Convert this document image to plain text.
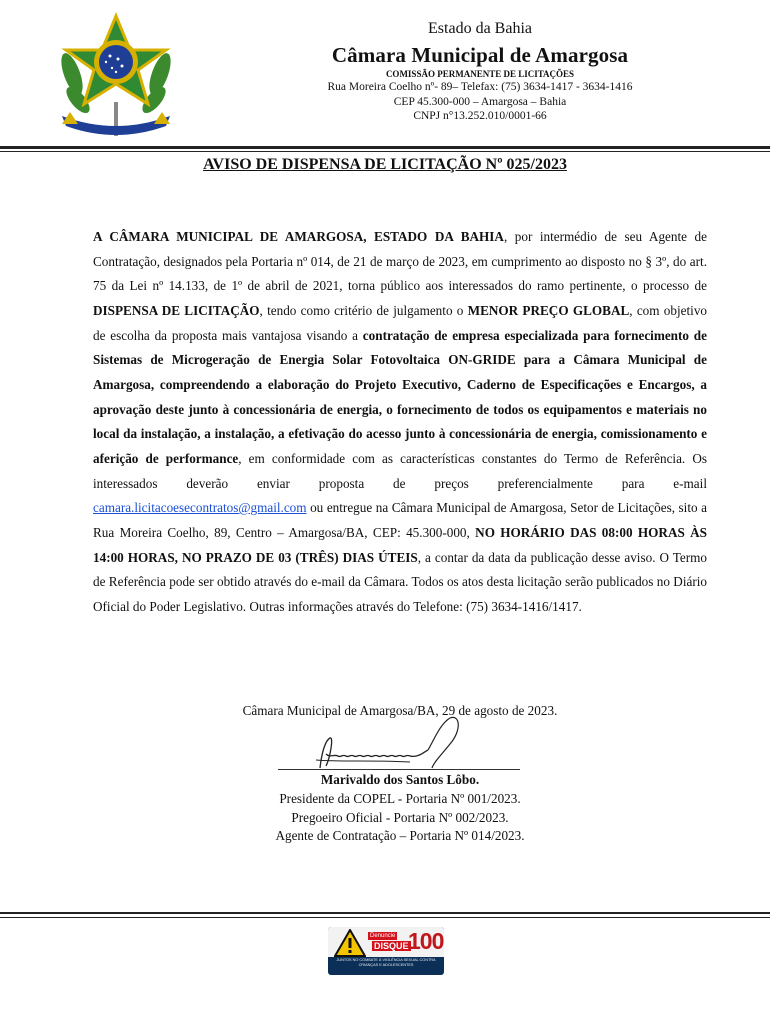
Estado da Bahia
Câmara Municipal de Amargosa
COMISSÃO PERMANENTE DE LICITAÇÕES
Rua Moreira Coelho nº- 89– Telefax: (75) 3634-1417 - 3634-1416
CEP 45.300-000 – Amargosa – Bahia
CNPJ n°13.252.010/0001-66
AVISO DE DISPENSA DE LICITAÇÃO Nº 025/2023
A CÂMARA MUNICIPAL DE AMARGOSA, ESTADO DA BAHIA, por intermédio de seu Agente de Contratação, designados pela Portaria nº 014, de 21 de março de 2023, em cumprimento ao disposto no § 3º, do art. 75 da Lei nº 14.133, de 1º de abril de 2021, torna público aos interessados do ramo pertinente, o processo de DISPENSA DE LICITAÇÃO, tendo como critério de julgamento o MENOR PREÇO GLOBAL, com objetivo de escolha da proposta mais vantajosa visando a contratação de empresa especializada para fornecimento de Sistemas de Microgeração de Energia Solar Fotovoltaica ON-GRIDE para a Câmara Municipal de Amargosa, compreendendo a elaboração do Projeto Executivo, Caderno de Especificações e Encargos, a aprovação deste junto à concessionária de energia, o fornecimento de todos os equipamentos e materiais no local da instalação, a instalação, a efetivação do acesso junto à concessionária de energia, comissionamento e aferição de performance, em conformidade com as características constantes do Termo de Referência. Os interessados deverão enviar proposta de preços preferencialmente para e-mail camara.licitacoesecontratos@gmail.com ou entregue na Câmara Municipal de Amargosa, Setor de Licitações, sito a Rua Moreira Coelho, 89, Centro – Amargosa/BA, CEP: 45.300-000, NO HORÁRIO DAS 08:00 HORAS ÀS 14:00 HORAS, NO PRAZO DE 03 (TRÊS) DIAS ÚTEIS, a contar da data da publicação desse aviso. O Termo de Referência pode ser obtido através do e-mail da Câmara. Todos os atos desta licitação serão publicados no Diário Oficial do Poder Legislativo. Outras informações através do Telefone: (75) 3634-1416/1417.
Câmara Municipal de Amargosa/BA, 29 de agosto de 2023.
Marivaldo dos Santos Lôbo.
Presidente da COPEL - Portaria Nº 001/2023.
Pregoeiro Oficial - Portaria Nº 002/2023.
Agente de Contratação – Portaria Nº 014/2023.
Denuncie
DISQUE 100
JUNTOS NO COMBATE À VIOLÊNCIA SEXUAL CONTRA CRIANÇAS E ADOLESCENTES
